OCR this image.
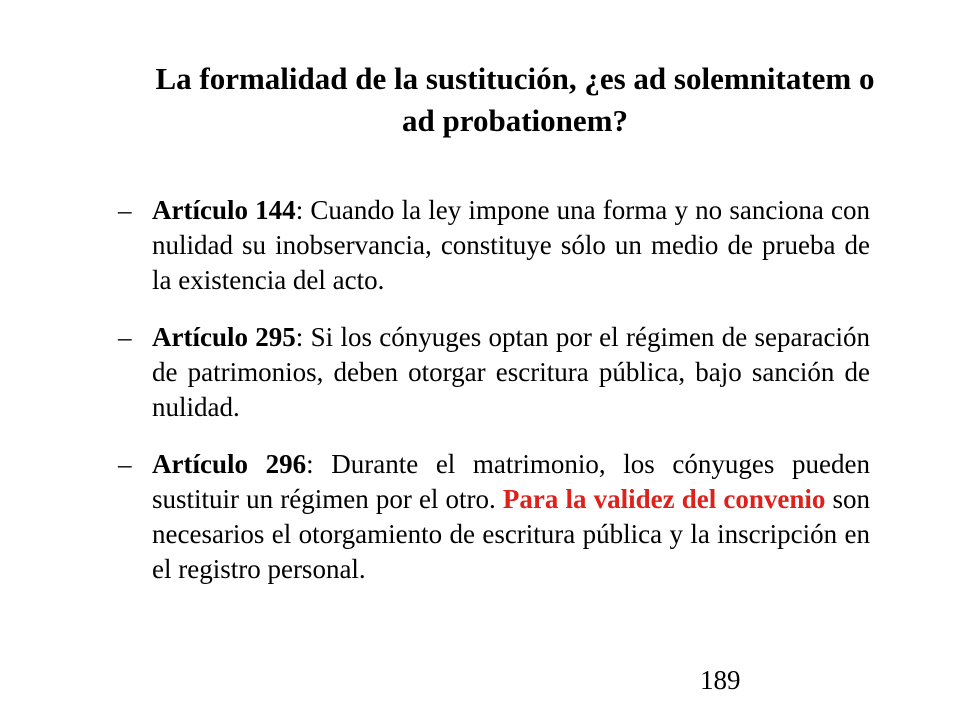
La formalidad de la sustitución, ¿es ad solemnitatem o ad probationem?
– Artículo 144: Cuando la ley impone una forma y no sanciona con nulidad su inobservancia, constituye sólo un medio de prueba de la existencia del acto.
– Artículo 295: Si los cónyuges optan por el régimen de separación de patrimonios, deben otorgar escritura pública, bajo sanción de nulidad.
– Artículo 296: Durante el matrimonio, los cónyuges pueden sustituir un régimen por el otro. Para la validez del convenio son necesarios el otorgamiento de escritura pública y la inscripción en el registro personal.
189
